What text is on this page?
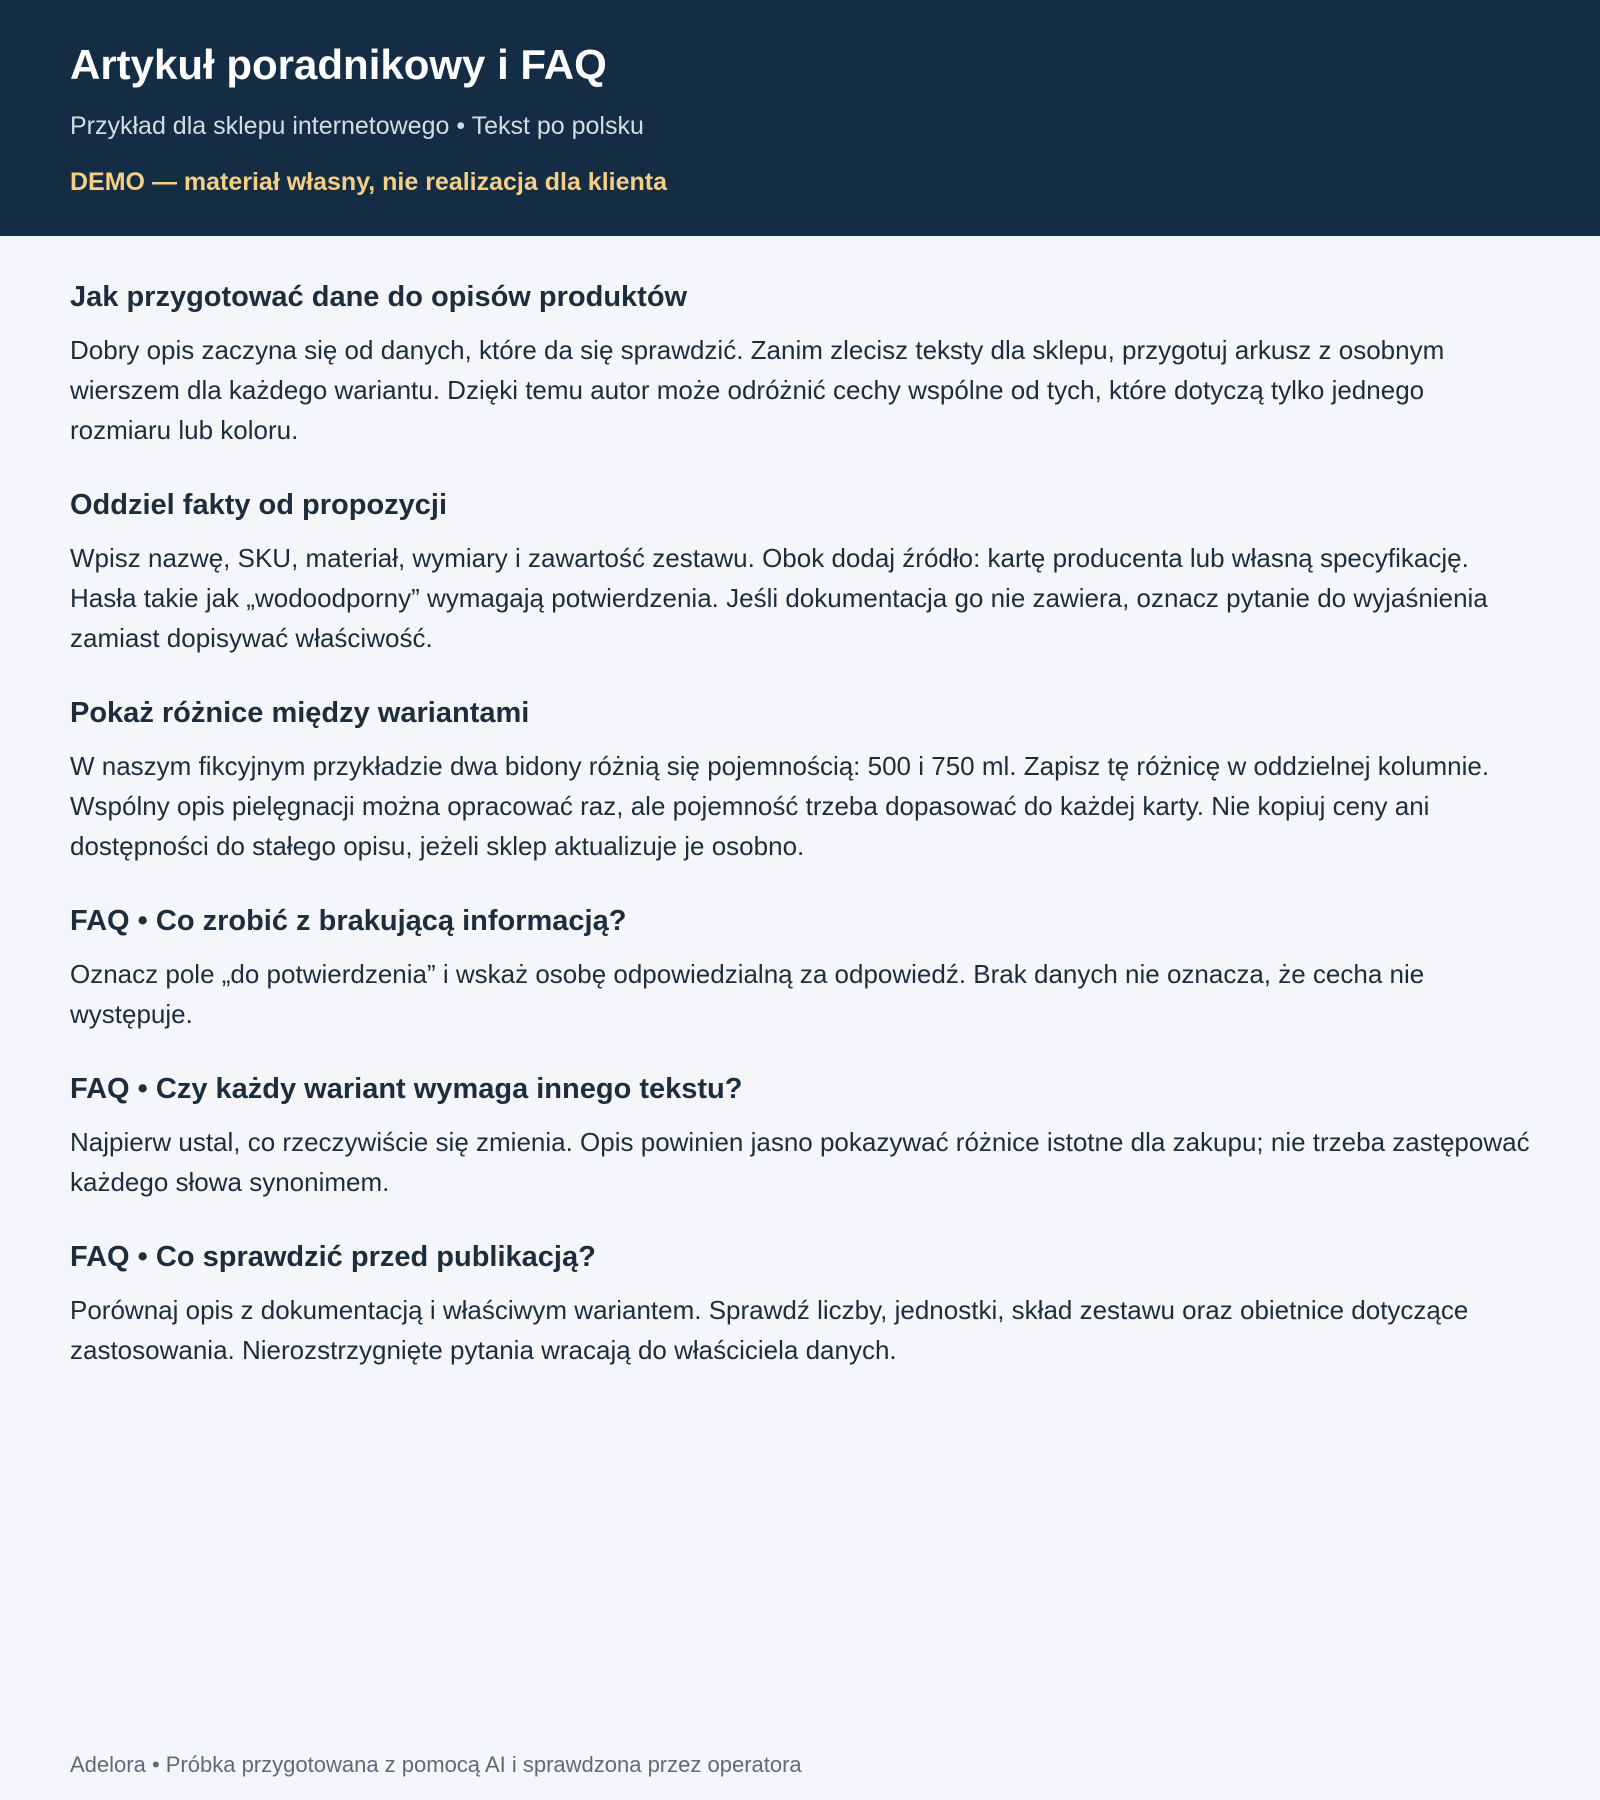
Artykuł poradnikowy i FAQ
Przykład dla sklepu internetowego • Tekst po polsku
DEMO — materiał własny, nie realizacja dla klienta
Jak przygotować dane do opisów produktów

Dobry opis zaczyna się od danych, które da się sprawdzić. Zanim zlecisz teksty dla sklepu, przygotuj arkusz z osobnym wierszem dla każdego wariantu. Dzięki temu autor może odróżnić cechy wspólne od tych, które dotyczą tylko jednego rozmiaru lub koloru.

Oddziel fakty od propozycji

Wpisz nazwę, SKU, materiał, wymiary i zawartość zestawu. Obok dodaj źródło: kartę producenta lub własną specyfikację. Hasła takie jak „wodoodporny” wymagają potwierdzenia. Jeśli dokumentacja go nie zawiera, oznacz pytanie do wyjaśnienia zamiast dopisywać właściwość.

Pokaż różnice między wariantami

W naszym fikcyjnym przykładzie dwa bidony różnią się pojemnością: 500 i 750 ml. Zapisz tę różnicę w oddzielnej kolumnie. Wspólny opis pielęgnacji można opracować raz, ale pojemność trzeba dopasować do każdej karty. Nie kopiuj ceny ani dostępności do stałego opisu, jeżeli sklep aktualizuje je osobno.

FAQ • Co zrobić z brakującą informacją?

Oznacz pole „do potwierdzenia” i wskaż osobę odpowiedzialną za odpowiedź. Brak danych nie oznacza, że cecha nie występuje.

FAQ • Czy każdy wariant wymaga innego tekstu?

Najpierw ustal, co rzeczywiście się zmienia. Opis powinien jasno pokazywać różnice istotne dla zakupu; nie trzeba zastępować każdego słowa synonimem.

FAQ • Co sprawdzić przed publikacją?

Porównaj opis z dokumentacją i właściwym wariantem. Sprawdź liczby, jednostki, skład zestawu oraz obietnice dotyczące zastosowania. Nierozstrzygnięte pytania wracają do właściciela danych.

Adelora • Próbka przygotowana z pomocą AI i sprawdzona przez operatora
